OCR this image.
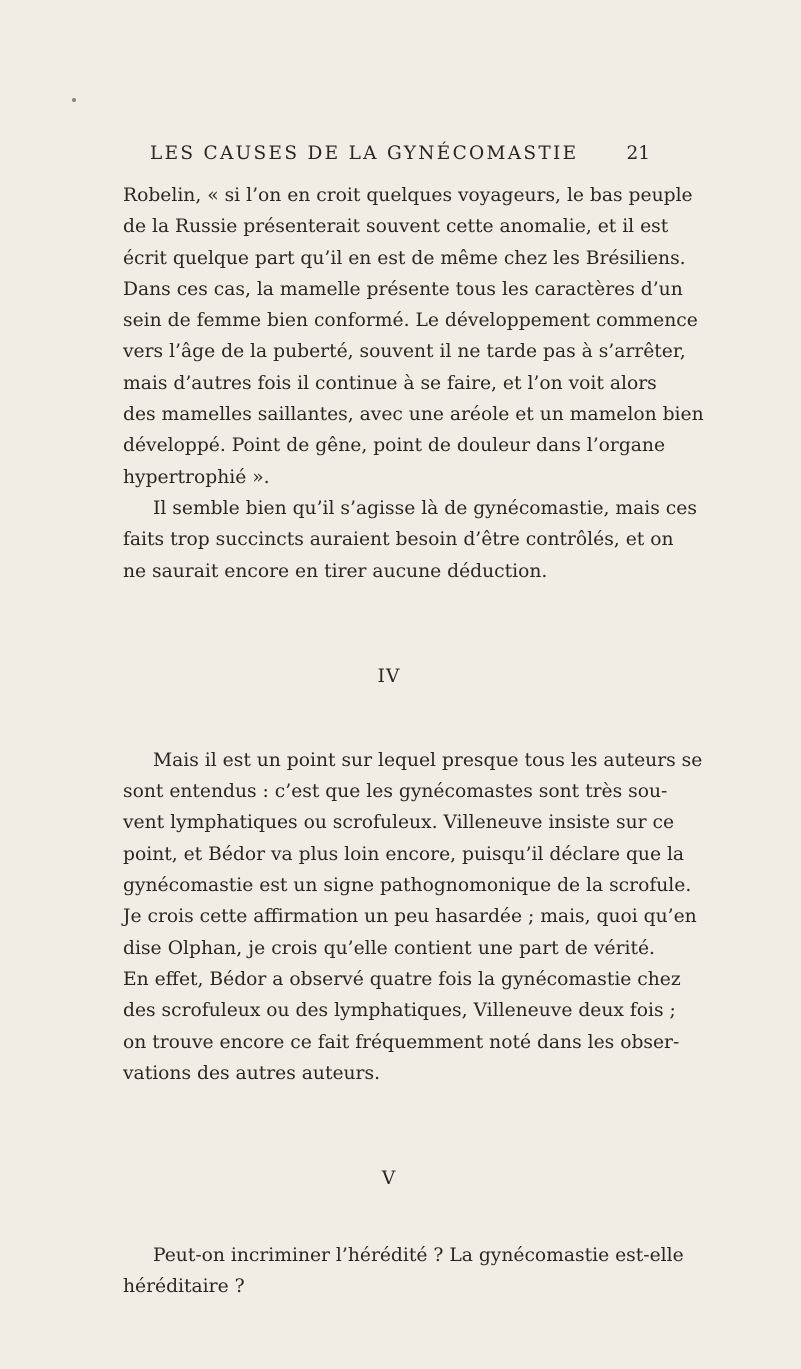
LES CAUSES DE LA GYNÉCOMASTIE	21
Robelin, « si l’on en croit quelques voyageurs, le bas peuple
de la Russie présenterait souvent cette anomalie, et il est
écrit quelque part qu’il en est de même chez les Brésiliens.
Dans ces cas, la mamelle présente tous les caractères d’un
sein de femme bien conformé. Le développement commence
vers l’âge de la puberté, souvent il ne tarde pas à s’arrêter,
mais d’autres fois il continue à se faire, et l’on voit alors
des mamelles saillantes, avec une aréole et un mamelon bien
développé. Point de gêne, point de douleur dans l’organe
hypertrophié ».
Il semble bien qu’il s’agisse là de gynécomastie, mais ces
faits trop succincts auraient besoin d’être contrôlés, et on
ne saurait encore en tirer aucune déduction.
IV
Mais il est un point sur lequel presque tous les auteurs se
sont entendus : c’est que les gynécomastes sont très sou-
vent lymphatiques ou scrofuleux. Villeneuve insiste sur ce
point, et Bédor va plus loin encore, puisqu’il déclare que la
gynécomastie est un signe pathognomonique de la scrofule.
Je crois cette affirmation un peu hasardée ; mais, quoi qu’en
dise Olphan, je crois qu’elle contient une part de vérité.
En effet, Bédor a observé quatre fois la gynécomastie chez
des scrofuleux ou des lymphatiques, Villeneuve deux fois ;
on trouve encore ce fait fréquemment noté dans les obser-
vations des autres auteurs.
V
Peut-on incriminer l’hérédité ? La gynécomastie est-elle
héréditaire ?
